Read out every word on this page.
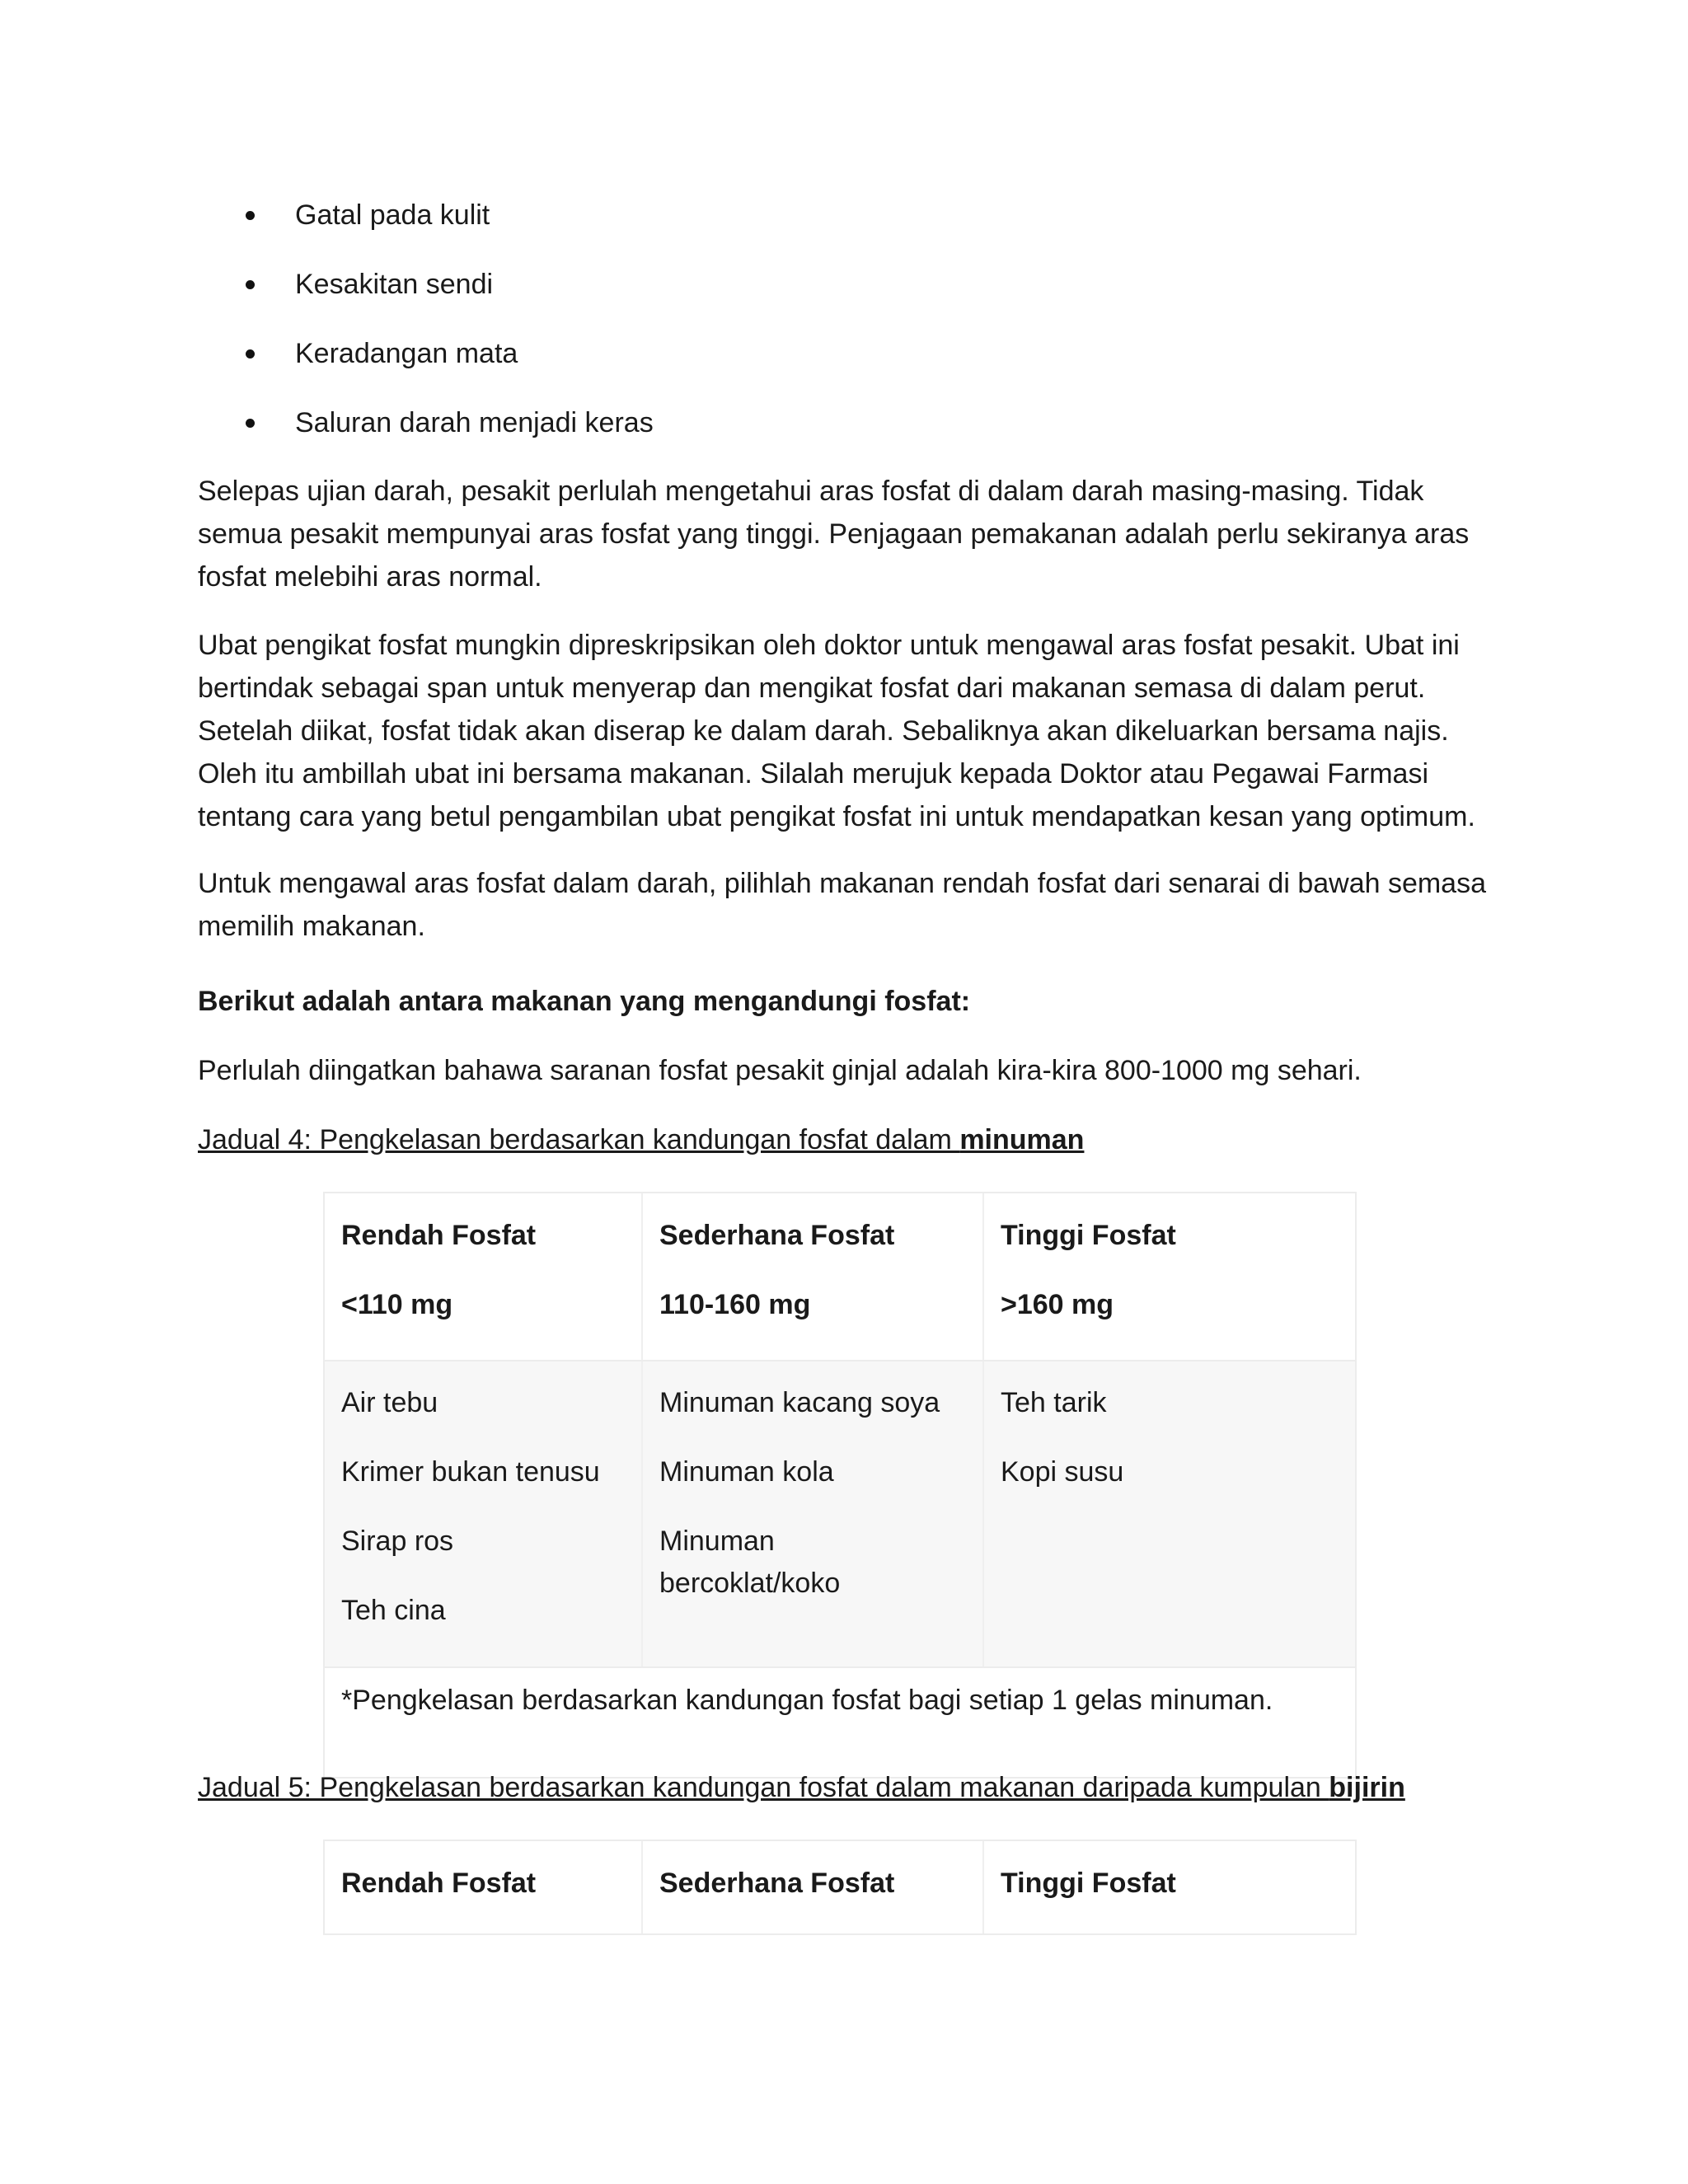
Gatal pada kulit
Kesakitan sendi
Keradangan mata
Saluran darah menjadi keras

Selepas ujian darah, pesakit perlulah mengetahui aras fosfat di dalam darah masing-masing. Tidak
semua pesakit mempunyai aras fosfat yang tinggi. Penjagaan pemakanan adalah perlu sekiranya aras
fosfat melebihi aras normal.

Ubat pengikat fosfat mungkin dipreskripsikan oleh doktor untuk mengawal aras fosfat pesakit. Ubat ini
bertindak sebagai span untuk menyerap dan mengikat fosfat dari makanan semasa di dalam perut.
Setelah diikat, fosfat tidak akan diserap ke dalam darah. Sebaliknya akan dikeluarkan bersama najis.
Oleh itu ambillah ubat ini bersama makanan. Silalah merujuk kepada Doktor atau Pegawai Farmasi
tentang cara yang betul pengambilan ubat pengikat fosfat ini untuk mendapatkan kesan yang optimum.

Untuk mengawal aras fosfat dalam darah, pilihlah makanan rendah fosfat dari senarai di bawah semasa
memilih makanan.

Berikut adalah antara makanan yang mengandungi fosfat:

Perlulah diingatkan bahawa saranan fosfat pesakit ginjal adalah kira-kira 800-1000 mg sehari.

Jadual 4: Pengkelasan berdasarkan kandungan fosfat dalam minuman

Rendah Fosfat
<110 mg
Sederhana Fosfat
110-160 mg
Tinggi Fosfat
>160 mg
Air tebu
Krimer bukan tenusu
Sirap ros
Teh cina
Minuman kacang soya
Minuman kola
Minuman
bercoklat/koko
Teh tarik
Kopi susu
*Pengkelasan berdasarkan kandungan fosfat bagi setiap 1 gelas minuman.

Jadual 5: Pengkelasan berdasarkan kandungan fosfat dalam makanan daripada kumpulan bijirin

Rendah Fosfat	Sederhana Fosfat	Tinggi Fosfat
